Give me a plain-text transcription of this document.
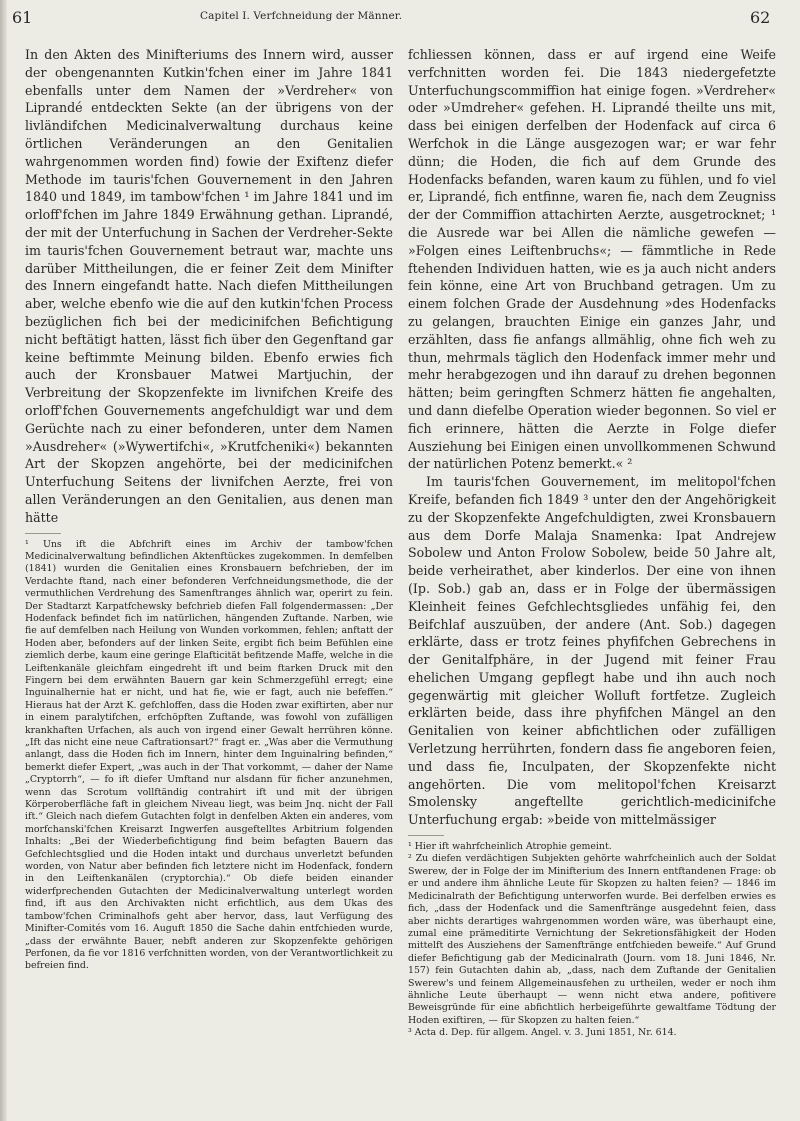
61	Capitel I. Verfchneidung der Männer.	62

In den Akten des Minifteriums des Innern wird, ausser der obengenannten Kutkin'fchen einer im Jahre 1841 ebenfalls unter dem Namen der »Verdreher« von Liprandé entdeckten Sekte (an der übrigens von der livländifchen Medicinalverwaltung durchaus keine örtlichen Veränderungen an den Genitalien wahrgenommen worden find) fowie der Exiftenz diefer Methode im tauris'fchen Gouvernement in den Jahren 1840 und 1849, im tambow'fchen ¹ im Jahre 1841 und im orloff'fchen im Jahre 1849 Erwähnung gethan. Liprandé, der mit der Unterfuchung in Sachen der Verdreher-Sekte im tauris'fchen Gouvernement betraut war, machte uns darüber Mittheilungen, die er feiner Zeit dem Minifter des Innern eingefandt hatte. Nach diefen Mittheilungen aber, welche ebenfo wie die auf den kutkin'fchen Process bezüglichen fich bei der medicinifchen Befichtigung nicht beftätigt hatten, lässt fich über den Gegenftand gar keine beftimmte Meinung bilden. Ebenfo erwies fich auch der Kronsbauer Matwei Martjuchin, der Verbreitung der Skopzenfekte im livnifchen Kreife des orloff'fchen Gouvernements angefchuldigt war und dem Gerüchte nach zu einer befonderen, unter dem Namen »Ausdreher« (»Wywertifchi«, »Krutfcheniki«) bekannten Art der Skopzen angehörte, bei der medicinifchen Unterfuchung Seitens der livnifchen Aerzte, frei von allen Veränderungen an den Genitalien, aus denen man hätte

¹ Uns ift die Abfchrift eines im Archiv der tambow'fchen Medicinalverwaltung befindlichen Aktenftückes zugekommen. In demfelben (1841) wurden die Genitalien eines Kronsbauern befchrieben, der im Verdachte ftand, nach einer befonderen Verfchneidungsmethode, die der vermuthlichen Verdrehung des Samenftranges ähnlich war, operirt zu fein. Der Stadtarzt Karpatfchewsky befchrieb diefen Fall folgendermassen: „Der Hodenfack befindet fich im natürlichen, hängenden Zuftande. Narben, wie fie auf demfelben nach Heilung von Wunden vorkommen, fehlen; anftatt der Hoden aber, befonders auf der linken Seite, ergibt fich beim Befühlen eine ziemlich derbe, kaum eine geringe Elafticität befitzende Maffe, welche in die Leiftenkanäle gleichfam eingedreht ift und beim ftarken Druck mit den Fingern bei dem erwähnten Bauern gar kein Schmerzgefühl erregt; eine Inguinalhernie hat er nicht, und hat fie, wie er fagt, auch nie befeffen.“ Hieraus hat der Arzt K. gefchloffen, dass die Hoden zwar exiftirten, aber nur in einem paralytifchen, erfchöpften Zuftande, was fowohl von zufälligen krankhaften Urfachen, als auch von irgend einer Gewalt herrühren könne. „Ift das nicht eine neue Caftrationsart?“ fragt er. „Was aber die Vermuthung anlangt, dass die Hoden fich im Innern, hinter dem Inguinalring befinden,“ bemerkt diefer Expert, „was auch in der That vorkommt, — daher der Name „Cryptorrh“, — fo ift diefer Umftand nur alsdann für ficher anzunehmen, wenn das Scrotum vollftändig contrahirt ift und mit der übrigen Körperoberfläche faft in gleichem Niveau liegt, was beim Jnq. nicht der Fall ift.“ Gleich nach diefem Gutachten folgt in denfelben Akten ein anderes, vom morfchanski'fchen Kreisarzt Ingwerfen ausgeftelltes Arbitrium folgenden Inhalts: „Bei der Wiederbefichtigung find beim befagten Bauern das Gefchlechtsglied und die Hoden intakt und durchaus unverletzt befunden worden, von Natur aber befinden fich letztere nicht im Hodenfack, fondern in den Leiftenkanälen (cryptorchia).“ Ob diefe beiden einander widerfprechenden Gutachten der Medicinalverwaltung unterlegt worden find, ift aus den Archivakten nicht erfichtlich, aus dem Ukas des tambow'fchen Criminalhofs geht aber hervor, dass, laut Verfügung des Minifter-Comités vom 16. Auguft 1850 die Sache dahin entfchieden wurde, „dass der erwähnte Bauer, nebft anderen zur Skopzenfekte gehörigen Perfonen, da fie vor 1816 verfchnitten worden, von der Verantwortlichkeit zu befreien find.

fchliessen können, dass er auf irgend eine Weife verfchnitten worden fei. Die 1843 niedergefetzte Unterfuchungscommiffion hat einige fogen. »Verdreher« oder »Umdreher« gefehen. H. Liprandé theilte uns mit, dass bei einigen derfelben der Hodenfack auf circa 6 Werfchok in die Länge ausgezogen war; er war fehr dünn; die Hoden, die fich auf dem Grunde des Hodenfacks befanden, waren kaum zu fühlen, und fo viel er, Liprandé, fich entfinne, waren fie, nach dem Zeugniss der der Commiffion attachirten Aerzte, ausgetrocknet; ¹ die Ausrede war bei Allen die nämliche gewefen — »Folgen eines Leiftenbruchs«; — fämmtliche in Rede ftehenden Individuen hatten, wie es ja auch nicht anders fein könne, eine Art von Bruchband getragen. Um zu einem folchen Grade der Ausdehnung »des Hodenfacks zu gelangen, brauchten Einige ein ganzes Jahr, und erzählten, dass fie anfangs allmählig, ohne fich weh zu thun, mehrmals täglich den Hodenfack immer mehr und mehr herabgezogen und ihn darauf zu drehen begonnen hätten; beim geringften Schmerz hätten fie angehalten, und dann diefelbe Operation wieder begonnen. So viel er fich erinnere, hätten die Aerzte in Folge diefer Ausziehung bei Einigen einen unvollkommenen Schwund der natürlichen Potenz bemerkt.« ²

Im tauris'fchen Gouvernement, im melitopol'fchen Kreife, befanden fich 1849 ³ unter den der Angehörigkeit zu der Skopzenfekte Angefchuldigten, zwei Kronsbauern aus dem Dorfe Malaja Snamenka: Ipat Andrejew Sobolew und Anton Frolow Sobolew, beide 50 Jahre alt, beide verheirathet, aber kinderlos. Der eine von ihnen (Ip. Sob.) gab an, dass er in Folge der übermässigen Kleinheit feines Gefchlechtsgliedes unfähig fei, den Beifchlaf auszuüben, der andere (Ant. Sob.) dagegen erklärte, dass er trotz feines phyfifchen Gebrechens in der Genitalfphäre, in der Jugend mit feiner Frau ehelichen Umgang gepflegt habe und ihn auch noch gegenwärtig mit gleicher Wolluft fortfetze. Zugleich erklärten beide, dass ihre phyfifchen Mängel an den Genitalien von keiner abfichtlichen oder zufälligen Verletzung herrührten, fondern dass fie angeboren feien, und dass fie, Inculpaten, der Skopzenfekte nicht angehörten. Die vom melitopol'fchen Kreisarzt Smolensky angeftellte gerichtlich-medicinifche Unterfuchung ergab: »beide von mittelmässiger

¹ Hier ift wahrfcheinlich Atrophie gemeint.

² Zu diefen verdächtigen Subjekten gehörte wahrfcheinlich auch der Soldat Swerew, der in Folge der im Minifterium des Innern entftandenen Frage: ob er und andere ihm ähnliche Leute für Skopzen zu halten feien? — 1846 im Medicinalrath der Befichtigung unterworfen wurde. Bei derfelben erwies es fich, „dass der Hodenfack und die Samenftränge ausgedehnt feien, dass aber nichts derartiges wahrgenommen worden wäre, was überhaupt eine, zumal eine prämeditirte Vernichtung der Sekretionsfähigkeit der Hoden mittelft des Ausziehens der Samenftränge entfchieden beweife.“ Auf Grund diefer Befichtigung gab der Medicinalrath (Journ. vom 18. Juni 1846, Nr. 157) fein Gutachten dahin ab, „dass, nach dem Zuftande der Genitalien Swerew's und feinem Allgemeinausfehen zu urtheilen, weder er noch ihm ähnliche Leute überhaupt — wenn nicht etwa andere, pofitivere Beweisgründe für eine abfichtlich herbeigeführte gewaltfame Tödtung der Hoden exiftiren, — für Skopzen zu halten feien.“

³ Acta d. Dep. für allgem. Angel. v. 3. Juni 1851, Nr. 614.
